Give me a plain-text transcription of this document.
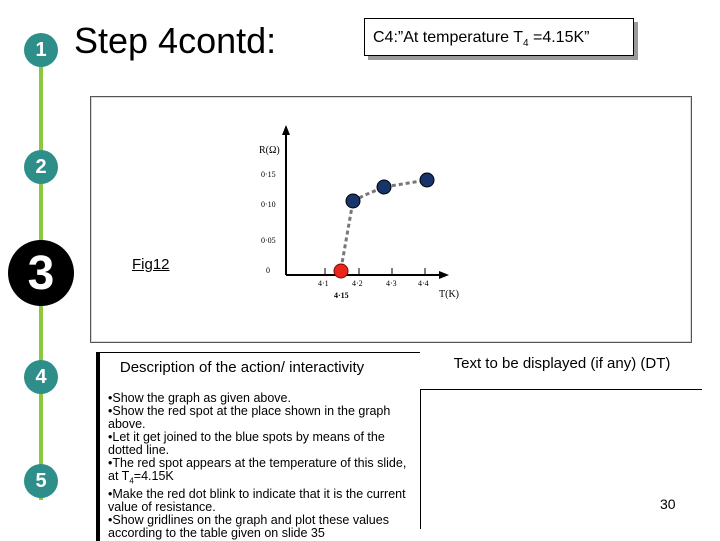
1
2
3
4
5
Step 4contd:	C4:”At temperature $T_4 =4.15K$”
R(Ω)
T(K)
0·15
0·10
0·05
0
4·1	4·2	4·3	4·4
4·15
Fig12
Description of the action/ interactivity	Text to be displayed (if any) (DT)
•Show the graph as given above.
•Show the red spot at the place shown in the graph above.
•Let it get joined to the blue spots by means of the dotted line.
•The red spot appears at the temperature of this slide, at $T_4=4.15K$
•Make the red dot blink to indicate that it is the current value of resistance.
•Show gridlines on the graph and plot these values according to the table given on slide 35
30
